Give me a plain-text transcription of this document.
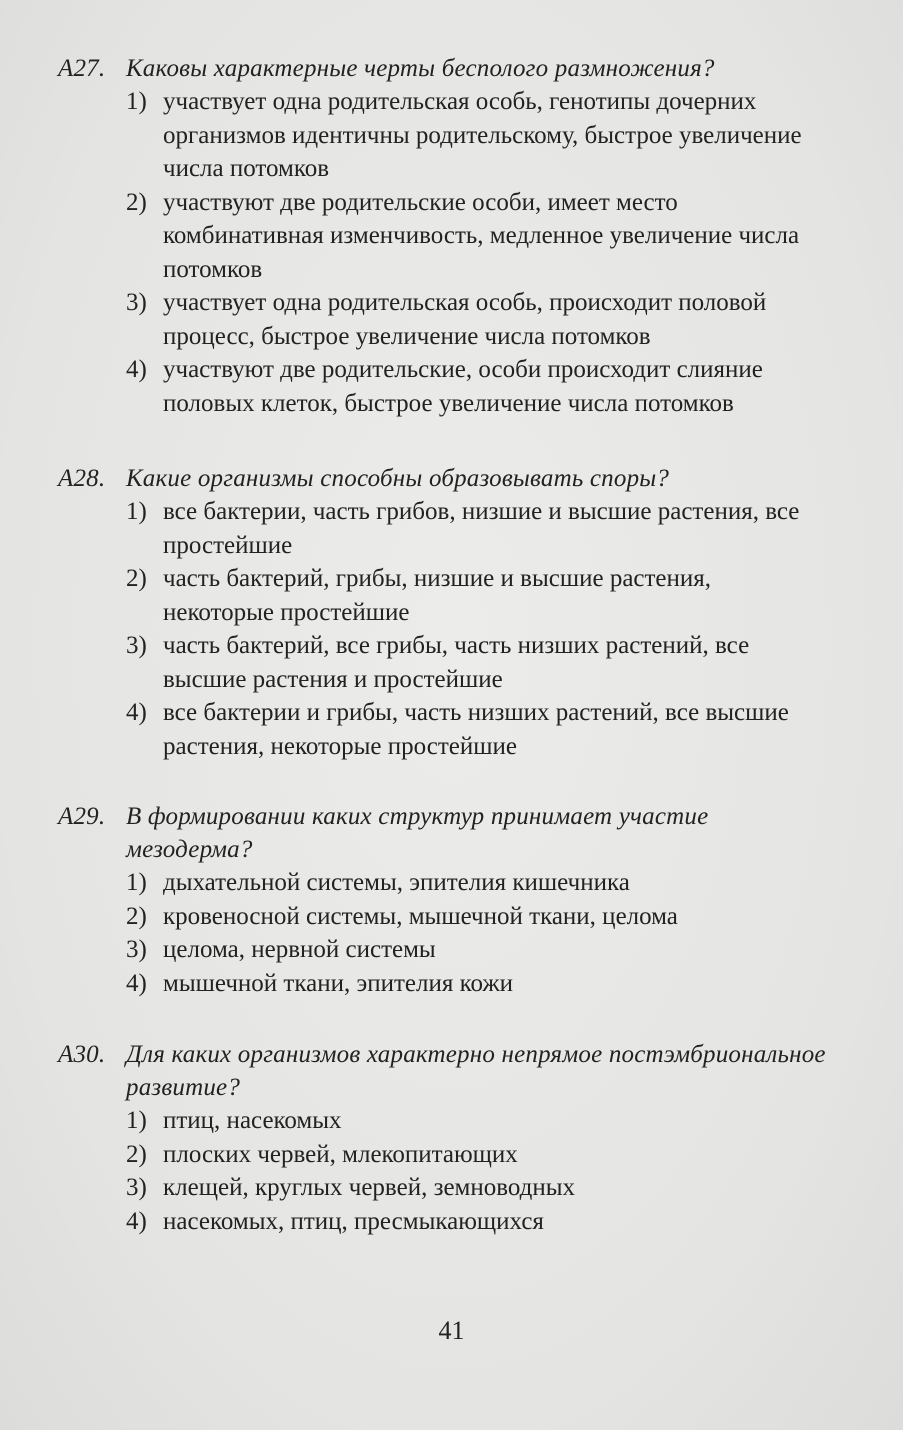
А27. Каковы характерные черты бесполого размножения?
1) участвует одна родительская особь, генотипы дочерних организмов идентичны родительскому, быстрое увеличение числа потомков
2) участвуют две родительские особи, имеет место комбинативная изменчивость, медленное увеличение числа потомков
3) участвует одна родительская особь, происходит половой процесс, быстрое увеличение числа потомков
4) участвуют две родительские, особи происходит слияние половых клеток, быстрое увеличение числа потомков
А28. Какие организмы способны образовывать споры?
1) все бактерии, часть грибов, низшие и высшие растения, все простейшие
2) часть бактерий, грибы, низшие и высшие растения, некоторые простейшие
3) часть бактерий, все грибы, часть низших растений, все высшие растения и простейшие
4) все бактерии и грибы, часть низших растений, все высшие растения, некоторые простейшие
А29. В формировании каких структур принимает участие мезодерма?
1) дыхательной системы, эпителия кишечника
2) кровеносной системы, мышечной ткани, целома
3) целома, нервной системы
4) мышечной ткани, эпителия кожи
А30. Для каких организмов характерно непрямое постэмбриональное развитие?
1) птиц, насекомых
2) плоских червей, млекопитающих
3) клещей, круглых червей, земноводных
4) насекомых, птиц, пресмыкающихся
41
